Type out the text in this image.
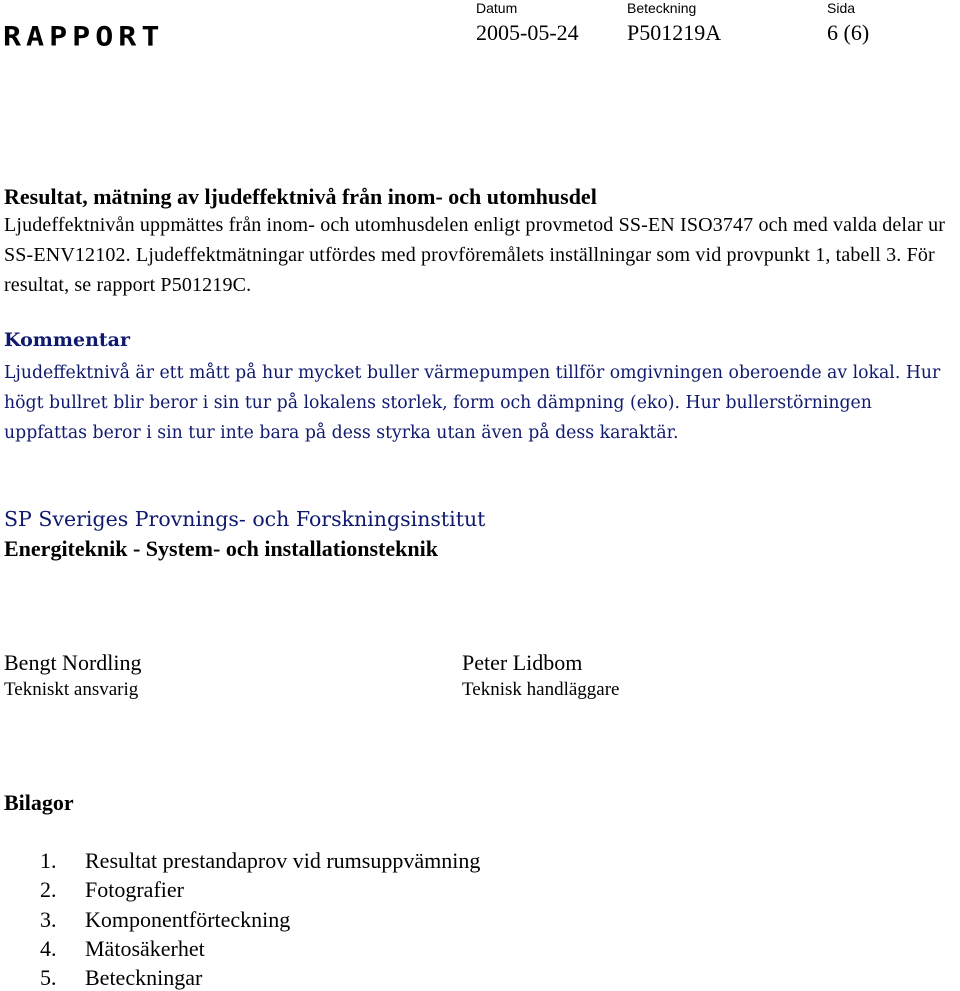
RAPPORT
Datum	Beteckning	Sida
2005-05-24 P501219A	6 (6)
Resultat, mätning av ljudeffektnivå från inom- och utomhusdel
Ljudeffektnivån uppmättes från inom- och utomhusdelen enligt provmetod SS-EN ISO3747 och med valda delar ur SS-ENV12102. Ljudeffektmätningar utfördes med provföremålets inställningar som vid provpunkt 1, tabell 3. För resultat, se rapport P501219C.
Kommentar
Ljudeffektnivå är ett mått på hur mycket buller värmepumpen tillför omgivningen oberoende av lokal. Hur högt bullret blir beror i sin tur på lokalens storlek, form och dämpning (eko). Hur bullerstörningen uppfattas beror i sin tur inte bara på dess styrka utan även på dess karaktär.
SP Sveriges Provnings- och Forskningsinstitut
Energiteknik - System- och installationsteknik
Bengt Nordling
Tekniskt ansvarig
Peter Lidbom
Teknisk handläggare
Bilagor
1.	Resultat prestandaprov vid rumsuppvämning
2.	Fotografier
3.	Komponentförteckning
4.	Mätosäkerhet
5.	Beteckningar
